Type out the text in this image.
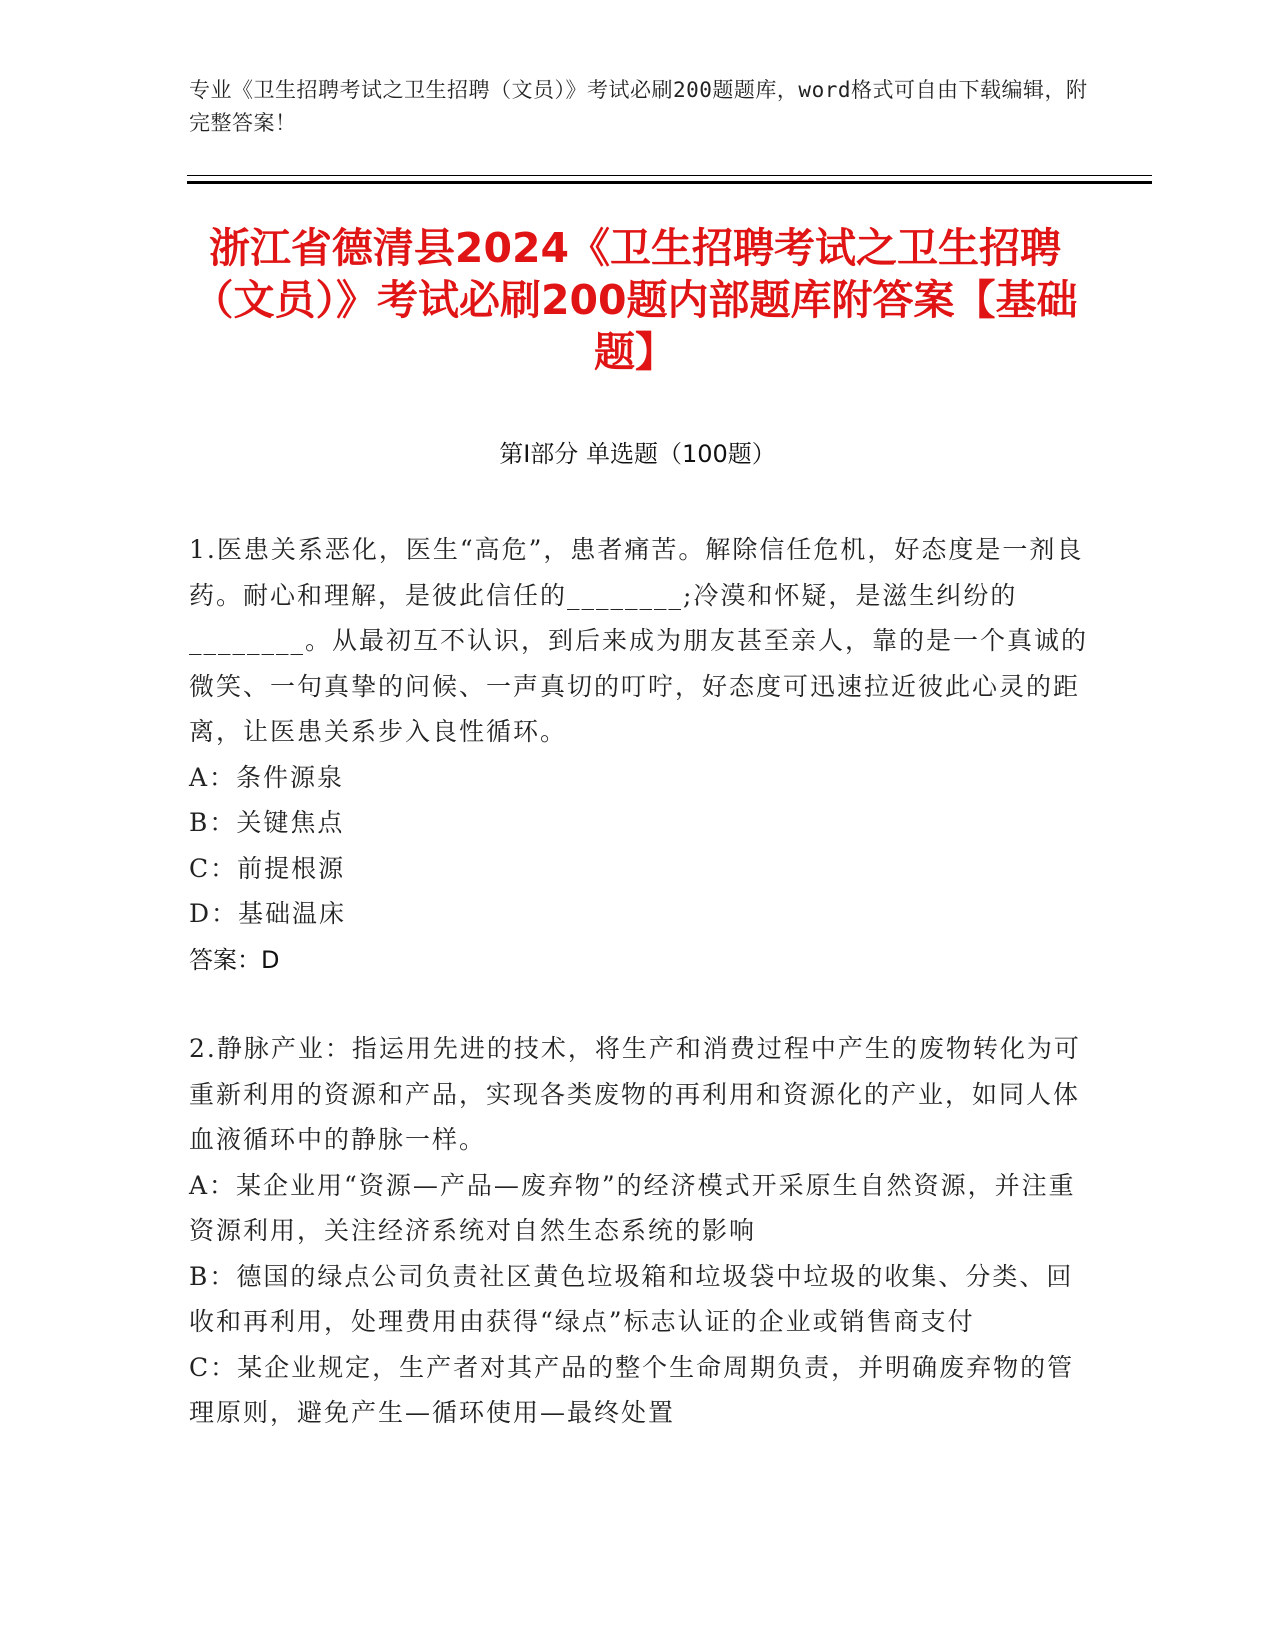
专业《卫生招聘考试之卫生招聘（文员）》考试必刷200题题库，word格式可自由下载编辑，附完整答案！
浙江省德清县2024《卫生招聘考试之卫生招聘（文员）》考试必刷200题内部题库附答案【基础题】
第Ⅰ部分 单选题（100题）
1.医患关系恶化，医生“高危”，患者痛苦。解除信任危机，好态度是一剂良药。耐心和理解，是彼此信任的________;冷漠和怀疑，是滋生纠纷的________。从最初互不认识，到后来成为朋友甚至亲人，靠的是一个真诚的微笑、一句真挚的问候、一声真切的叮咛，好态度可迅速拉近彼此心灵的距离，让医患关系步入良性循环。

A：条件源泉

B：关键焦点

C：前提根源

D：基础温床

答案：D
2.静脉产业：指运用先进的技术，将生产和消费过程中产生的废物转化为可重新利用的资源和产品，实现各类废物的再利用和资源化的产业，如同人体血液循环中的静脉一样。

A：某企业用“资源—产品—废弃物”的经济模式开采原生自然资源，并注重资源利用，关注经济系统对自然生态系统的影响

B：德国的绿点公司负责社区黄色垃圾箱和垃圾袋中垃圾的收集、分类、回收和再利用，处理费用由获得“绿点”标志认证的企业或销售商支付

C：某企业规定，生产者对其产品的整个生命周期负责，并明确废弃物的管理原则，避免产生—循环使用—最终处置
